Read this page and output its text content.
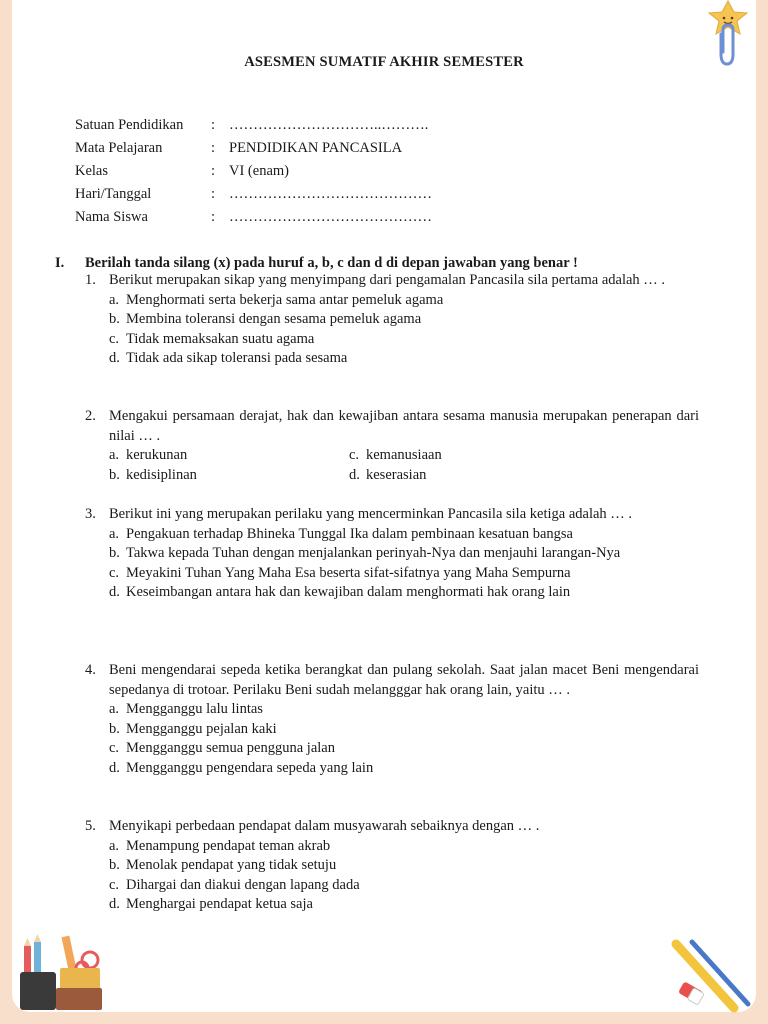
ASESMEN SUMATIF AKHIR SEMESTER
Satuan Pendidikan : …………………………..……….
Mata Pelajaran	: PENDIDIKAN PANCASILA
Kelas	: VI (enam)
Hari/Tanggal	: ……………………………………
Nama Siswa	: ……………………………………
I. Berilah tanda silang (x) pada huruf a, b, c dan d di depan jawaban yang benar !
1. Berikut merupakan sikap yang menyimpang dari pengamalan Pancasila sila pertama adalah … .
a. Menghormati serta bekerja sama antar pemeluk agama
b. Membina toleransi dengan sesama pemeluk agama
c. Tidak memaksakan suatu agama
d. Tidak ada sikap toleransi pada sesama
2. Mengakui persamaan derajat, hak dan kewajiban antara sesama manusia merupakan penerapan dari nilai … .
a. kerukunan	c. kemanusiaan
b. kedisiplinan	d. keserasian
3. Berikut ini yang merupakan perilaku yang mencerminkan Pancasila sila ketiga adalah … .
a. Pengakuan terhadap Bhineka Tunggal Ika dalam pembinaan kesatuan bangsa
b. Takwa kepada Tuhan dengan menjalankan perinyah-Nya dan menjauhi larangan-Nya
c. Meyakini Tuhan Yang Maha Esa beserta sifat-sifatnya yang Maha Sempurna
d. Keseimbangan antara hak dan kewajiban dalam menghormati hak orang lain
4. Beni mengendarai sepeda ketika berangkat dan pulang sekolah. Saat jalan macet Beni mengendarai sepedanya di trotoar. Perilaku Beni sudah melangggar hak orang lain, yaitu … .
a. Mengganggu lalu lintas
b. Mengganggu pejalan kaki
c. Mengganggu semua pengguna jalan
d. Mengganggu pengendara sepeda yang lain
5. Menyikapi perbedaan pendapat dalam musyawarah sebaiknya dengan … .
a. Menampung pendapat teman akrab
b. Menolak pendapat yang tidak setuju
c. Dihargai dan diakui dengan lapang dada
d. Menghargai pendapat ketua saja
